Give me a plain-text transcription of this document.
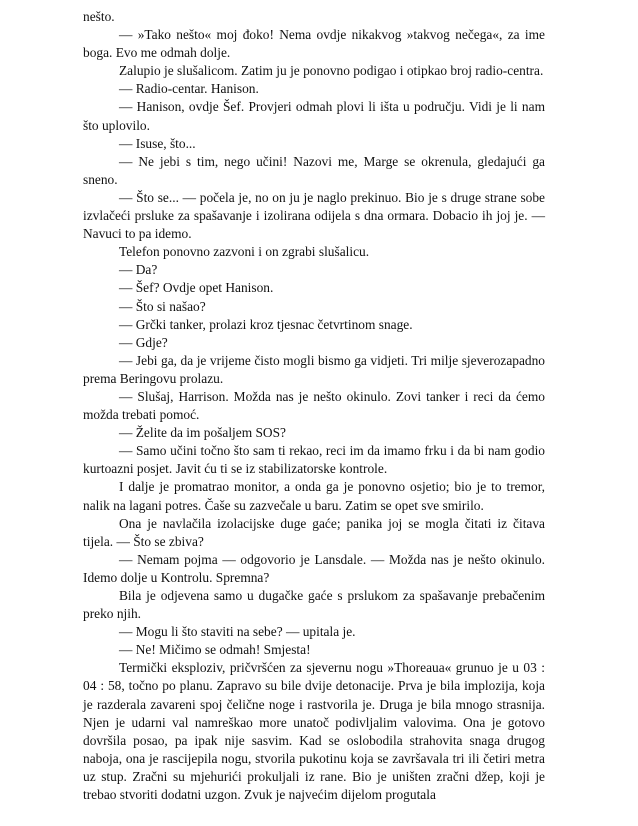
nešto.

— »Tako nešto« moj đoko! Nema ovdje nikakvog »takvog nečega«, za ime boga. Evo me odmah dolje.

Zalupio je slušalicom. Zatim ju je ponovno podigao i otipkao broj radio-centra.

— Radio-centar. Hanison.

— Hanison, ovdje Šef. Provjeri odmah plovi li išta u području. Vidi je li nam što uplovilo.

— Isuse, što...

— Ne jebi s tim, nego učini! Nazovi me, Marge se okrenula, gledajući ga sneno.

— Što se... — počela je, no on ju je naglo prekinuo. Bio je s druge strane sobe izvlačeći prsluke za spašavanje i izolirana odijela s dna ormara. Dobacio ih joj je. — Navuci to pa idemo.

Telefon ponovno zazvoni i on zgrabi slušalicu.

— Da?

— Šef? Ovdje opet Hanison.

— Što si našao?

— Grčki tanker, prolazi kroz tjesnac četvrtinom snage.

— Gdje?

— Jebi ga, da je vrijeme čisto mogli bismo ga vidjeti. Tri milje sjeverozapadno prema Beringovu prolazu.

— Slušaj, Harrison. Možda nas je nešto okinulo. Zovi tanker i reci da ćemo možda trebati pomoć.

— Želite da im pošaljem SOS?

— Samo učini točno što sam ti rekao, reci im da imamo frku i da bi nam godio kurtoazni posjet. Javit ću ti se iz stabilizatorske kontrole.

I dalje je promatrao monitor, a onda ga je ponovno osjetio; bio je to tremor, nalik na lagani potres. Čaše su zazvečale u baru. Zatim se opet sve smirilo.

Ona je navlačila izolacijske duge gaće; panika joj se mogla čitati iz čitava tijela. — Što se zbiva?

— Nemam pojma — odgovorio je Lansdale. — Možda nas je nešto okinulo. Idemo dolje u Kontrolu. Spremna?

Bila je odjevena samo u dugačke gaće s prslukom za spašavanje prebačenim preko njih.

— Mogu li što staviti na sebe? — upitala je.

— Ne! Mičimo se odmah! Smjesta!

Termički eksploziv, pričvršćen za sjevernu nogu »Thoreaua« grunuo je u 03 : 04 : 58, točno po planu. Zapravo su bile dvije detonacije. Prva je bila implozija, koja je razderala zavareni spoj čelične noge i rastvorila je. Druga je bila mnogo strasnija. Njen je udarni val namreškao more unatoč podivljalim valovima. Ona je gotovo dovršila posao, pa ipak nije sasvim. Kad se oslobodila strahovita snaga drugog naboja, ona je rascijepila nogu, stvorila pukotinu koja se završavala tri ili četiri metra uz stup. Zračni su mjehurići prokuljali iz rane. Bio je uništen zračni džep, koji je trebao stvoriti dodatni uzgon. Zvuk je najvećim dijelom progutala
